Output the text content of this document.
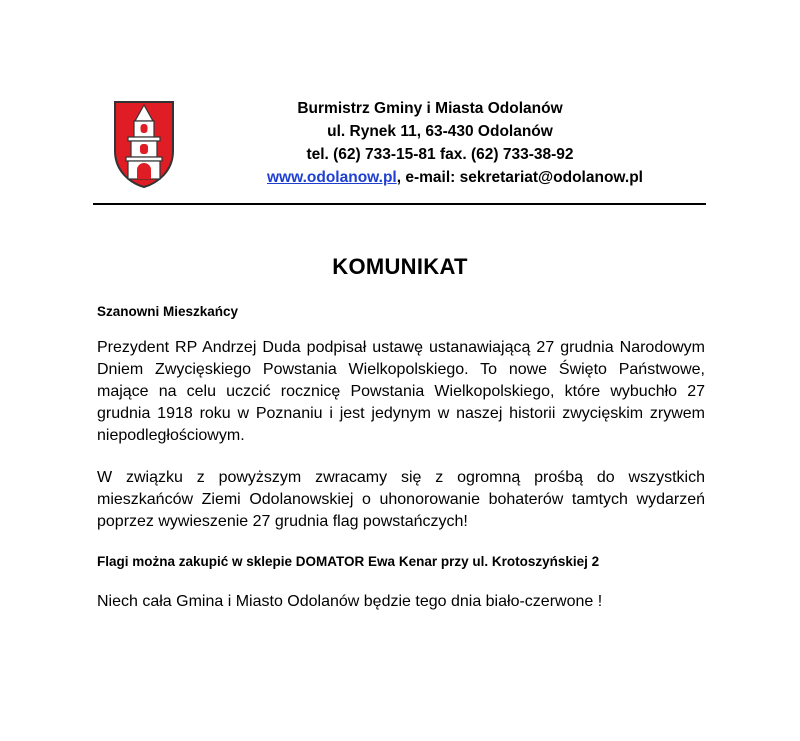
Burmistrz Gminy i Miasta Odolanów
ul. Rynek 11, 63-430 Odolanów
tel. (62) 733-15-81 fax. (62) 733-38-92
www.odolanow.pl, e-mail: sekretariat@odolanow.pl
KOMUNIKAT
Szanowni Mieszkańcy
Prezydent RP Andrzej Duda podpisał ustawę ustanawiającą 27 grudnia Narodowym Dniem Zwycięskiego Powstania Wielkopolskiego. To nowe Święto Państwowe, mające na celu uczcić rocznicę Powstania Wielkopolskiego, które wybuchło 27 grudnia 1918 roku w Poznaniu i jest jedynym w naszej historii zwycięskim zrywem niepodległościowym.
W związku z powyższym zwracamy się z ogromną prośbą do wszystkich mieszkańców Ziemi Odolanowskiej o uhonorowanie bohaterów tamtych wydarzeń poprzez wywieszenie 27 grudnia flag powstańczych!
Flagi można zakupić w sklepie DOMATOR Ewa Kenar przy ul. Krotoszyńskiej 2
Niech cała Gmina i Miasto Odolanów będzie tego dnia biało-czerwone !
